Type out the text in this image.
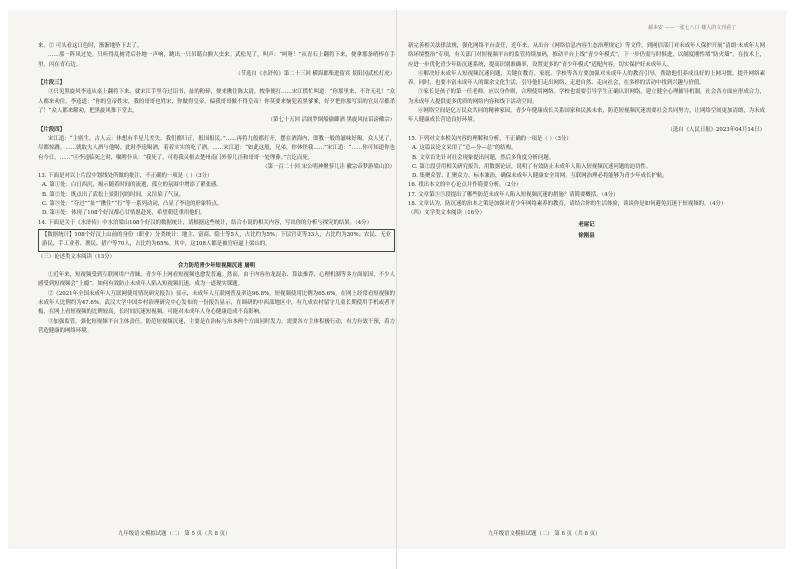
郝本安 ——一张七八口 楼人的文刊看了

来。② 可头看这日色时，渐渐地坠下去了。

……那一阵风过处，只听得乱树背后扑地一声响，跳出一只吊睛白额大虫来。武松见了，叫声：“呵呀！”从青石上翻将下来，便拿那条哨棒在手里，闪在青石边。

（节选自《水浒传》第二十三回 横海郡柴进留宾 景阳冈武松打虎）

【片段三】

③只见黑旋风李逵从桌上翻将下来，就宋江手里夺过诏书，扯的粉碎，便来揪住陈太尉，拽拳便打……宋江慌忙叫道：“你那里来，不许无礼！”众人都来劝住。李逵道：“你的皇帝姓宋，我的哥哥也姓宋，你做得皇帝，偏我哥哥做不得皇帝！你莫要来恼犯着黑爹爹，好歹把你那写诏的官员尽都杀了！”众人都来解劝，把黑旋风推下堂去。

（第七十五回 活阎罗倒船偷御酒 黑旋风扯诏谤徽宗）

【片段四】

宋江道：“主则生，古人云：休想有半星儿差失。我们都归正，报国报民。”……再将九般都打开，摆在酒海内，即教一般的滋味好喝。众人见了，尽都惊跳。……就取夫人酒与他喝。此时李逵喝酒，着着实实的吃了酒。……宋江道：“如此这般，兄弟，你休怪我……”宋江道：“……你可知道你也有今日。……”④李逵临死之时，嘱咐仆从：“我死了，可将我灵柩去楚州南门外蓼儿洼和哥哥一处埋葬。”言讫而死。

（第一百二十回 宋公明神聚蓼儿洼 徽宗帝梦游梁山泊）

13. 下面是对以上片段中划线处所做的批注，不正确的一项是（ ）（3分）

A. 第①处：白日西沉，揭示随着时间的流逝，孤立的氛围中增添了紧张感。

B. 第②处：既点出了武松上景阳冈的时间，又渲染了气氛。

C. 第③处：“夺过”“扯”“揪住”“打”等一系列动词，凸显了李逵的形象特点。

D. 第④处：体现了108个好汉都心甘情愿赴死，希望朝廷重用他们。

14. 下面是关于《水浒传》中水泊梁山108个好汉的数据统计，请根据这些统计，结合小说的相关内容，写出你的分析与探究的结果。（4分）

【数据统计】108个好汉上山前的身份（职业）分类统计：地主、富商、隐士等5人，占比约为5%；下层官吏等33人，占比约为30%；农民、无业游民、手工业者、渔民、猎户等70人，占比约为65%。其中，这108人都是被官府逼上梁山的。

（三）论述类文本阅读（13分）

合力防范青少年短视频沉迷 屠明

①近年来，短视频受到互联网用户青睐，青少年上网看短视频也愈发普遍。然而，由于内容鱼龙混杂、算法推荐、心理机制等多方面原因，不少人感受到短视频会“上瘾”。如何有效防止未成年人陷入短视频沉迷，成为一道现实课题。

②《2021年全国未成年人互联网使用情况研究报告》显示，未成年人互联网普及率达96.8%，短视频使用比例为65.6%。在网上经常看短视频的未成年人比例约为47.6%。武汉大学中国乡村治理研究中心发布的一份报告显示，在调研的中西部地区中，有九成农村留守儿童长期使用手机或者平板，在网上看短视频的比例较高。长时间沉迷短视频，可能对未成年人身心健康造成不良影响。

③加强监管，强化短视频平台主体责任。防范短视频沉迷，主要是在治标与治本两个方面同时发力，需要各方主体积极行动，有力有效干预，着力营造健康的网络环境。

新完善相关法律法规，强化网络平台责任，近年来，从出台《网络信息内容生态治理规定》等文件，到网信部门对未成年人保护开展“清朗·未成年人网络环境整治”专项，有关部门对短视频平台的监管持续加码，推动平台上线“青少年模式”，下一步仍需与时俱进，以制度刚性堵“防火墙”，在技术上，应进一步优化青少年防沉迷系统，提高识别准确率，设置更多的“青少年模式”适配内容，切实保护好未成年人。

④解决好未成年人短视频沉迷问题，关键在教育。家庭、学校等各方要加强对未成年人的教育引导，帮助他们养成良好的上网习惯，提升网络素养。同时，也要丰富未成年人的课余文化生活，引导他们走出网络、走进自然、走向社会，在多样的活动中找到兴趣与价值。

⑤家长是孩子的第一任老师，应以身作则，合理使用网络。学校也需要引导学生正确认识网络，建立健全心理辅导机制，社会各方面应形成合力，为未成年人提供更多优质的网络内容和线下活动空间。

⑥网络空间是亿万民众共同的精神家园。青少年健康成长关系国家和民族未来，防范短视频沉迷需要社会共同努力，让网络空间更加清朗，为未成年人健康成长营造良好环境。

（选自《人民日报》2023年04月14日）

15. 下列对文本相关内容的理解和分析，不正确的一项是（ ）（3分）

A. 这篇议论文采用了“总—分—总”的结构。

B. 文章首先针对社会现象提出问题，然后多角度分析问题。

C. 第②段引用相关研究报告，用数据论证，说明了有效防止未成年人陷入短视频沉迷问题的迫切性。

D. 集聚众智、汇聚众力，标本兼治，确保未成年人健康安全用网，互联网治理必将能够为青少年成长护航。

16. 找出本文的中心论点并作简要分析。（2分）

17. 文章第③⑤段提出了哪些防范未成年人陷入短视频沉迷的措施？请简要概括。（4分）

18. 文章认为，防沉迷的治本之策是加强对青少年网络素养的教育，请结合你的生活体验，谈谈你是如何避免沉迷于短视频的。（4分）

（四）文学类文本阅读（16分）

老屋记

徐刚县

九年级语文模拟试题（二） 第 5 页（共 8 页）	九年级语文模拟试题（二） 第 6 页（共 8 页）
